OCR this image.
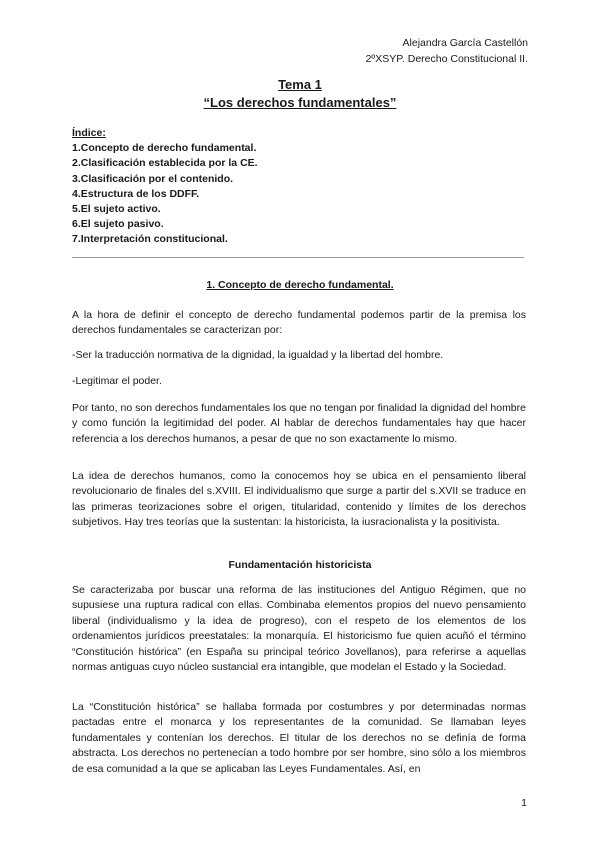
Alejandra García Castellón
2ºXSYP. Derecho Constitucional II.
Tema 1
“Los derechos fundamentales”
Índice:
1.Concepto de derecho fundamental.
2.Clasificación establecida por la CE.
3.Clasificación por el contenido.
4.Estructura de los DDFF.
5.El sujeto activo.
6.El sujeto pasivo.
7.Interpretación constitucional.
1. Concepto de derecho fundamental.

A la hora de definir el concepto de derecho fundamental podemos partir de la premisa los derechos fundamentales se caracterizan por:

-Ser la traducción normativa de la dignidad, la igualdad y la libertad del hombre.

-Legitimar el poder.

Por tanto, no son derechos fundamentales los que no tengan por finalidad la dignidad del hombre y como función la legitimidad del poder. Al hablar de derechos fundamentales hay que hacer referencia a los derechos humanos, a pesar de que no son exactamente lo mismo.

La idea de derechos humanos, como la conocemos hoy se ubica en el pensamiento liberal revolucionario de finales del s.XVIII. El individualismo que surge a partir del s.XVII se traduce en las primeras teorizaciones sobre el origen, titularidad, contenido y límites de los derechos subjetivos. Hay tres teorías que la sustentan: la historicista, la iusracionalista y la positivista.

Fundamentación historicista

Se caracterizaba por buscar una reforma de las instituciones del Antiguo Régimen, que no supusiese una ruptura radical con ellas. Combinaba elementos propios del nuevo pensamiento liberal (individualismo y la idea de progreso), con el respeto de los elementos de los ordenamientos jurídicos preestatales: la monarquía. El historicismo fue quien acuñó el término “Constitución histórica” (en España su principal teórico Jovellanos), para referirse a aquellas normas antiguas cuyo núcleo sustancial era intangible, que modelan el Estado y la Sociedad.

La “Constitución histórica” se hallaba formada por costumbres y por determinadas normas pactadas entre el monarca y los representantes de la comunidad. Se llamaban leyes fundamentales y contenían los derechos. El titular de los derechos no se definía de forma abstracta. Los derechos no pertenecían a todo hombre por ser hombre, sino sólo a los miembros de esa comunidad a la que se aplicaban las Leyes Fundamentales. Así, en

1
